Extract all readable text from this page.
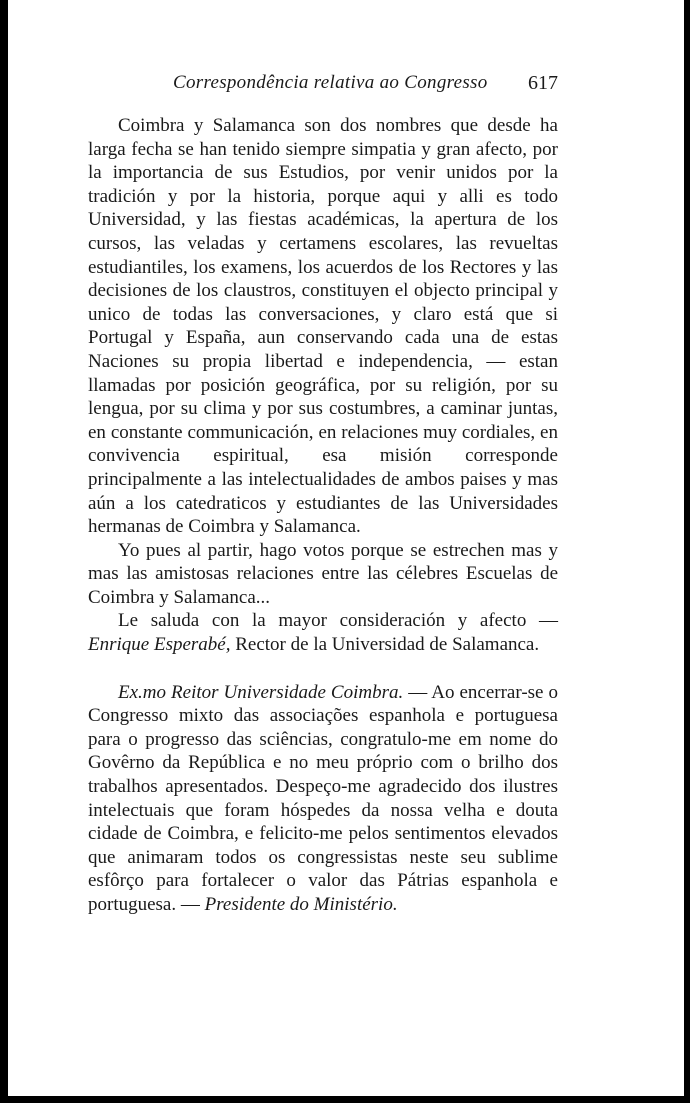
Correspondência relativa ao Congresso 617

Coimbra y Salamanca son dos nombres que desde ha larga fecha se han tenido siempre simpatia y gran afecto, por la importancia de sus Estudios, por venir unidos por la tradición y por la historia, porque aqui y alli es todo Universidad, y las fiestas académicas, la apertura de los cursos, las veladas y certamens escolares, las revueltas estudiantiles, los examens, los acuerdos de los Rectores y las decisiones de los claustros, constituyen el objecto principal y unico de todas las conversaciones, y claro está que si Portugal y España, aun conservando cada una de estas Naciones su propia libertad e independencia, — estan llamadas por posición geográfica, por su religión, por su lengua, por su clima y por sus costumbres, a caminar juntas, en constante communicación, en relaciones muy cordiales, en convivencia espiritual, esa misión corresponde principalmente a las intelectualidades de ambos paises y mas aún a los catedraticos y estudiantes de las Universidades hermanas de Coimbra y Salamanca.

Yo pues al partir, hago votos porque se estrechen mas y mas las amistosas relaciones entre las célebres Escuelas de Coimbra y Salamanca...

Le saluda con la mayor consideración y afecto — Enrique Esperabé, Rector de la Universidad de Salamanca.

Ex.mo Reitor Universidade Coimbra. — Ao encerrar-se o Congresso mixto das associações espanhola e portuguesa para o progresso das sciências, congratulo-me em nome do Govêrno da República e no meu próprio com o brilho dos trabalhos apresentados. Despeço-me agradecido dos ilustres intelectuais que foram hóspedes da nossa velha e douta cidade de Coimbra, e felicito-me pelos sentimentos elevados que animaram todos os congressistas neste seu sublime esfôrço para fortalecer o valor das Pátrias espanhola e portuguesa. — Presidente do Ministério.
